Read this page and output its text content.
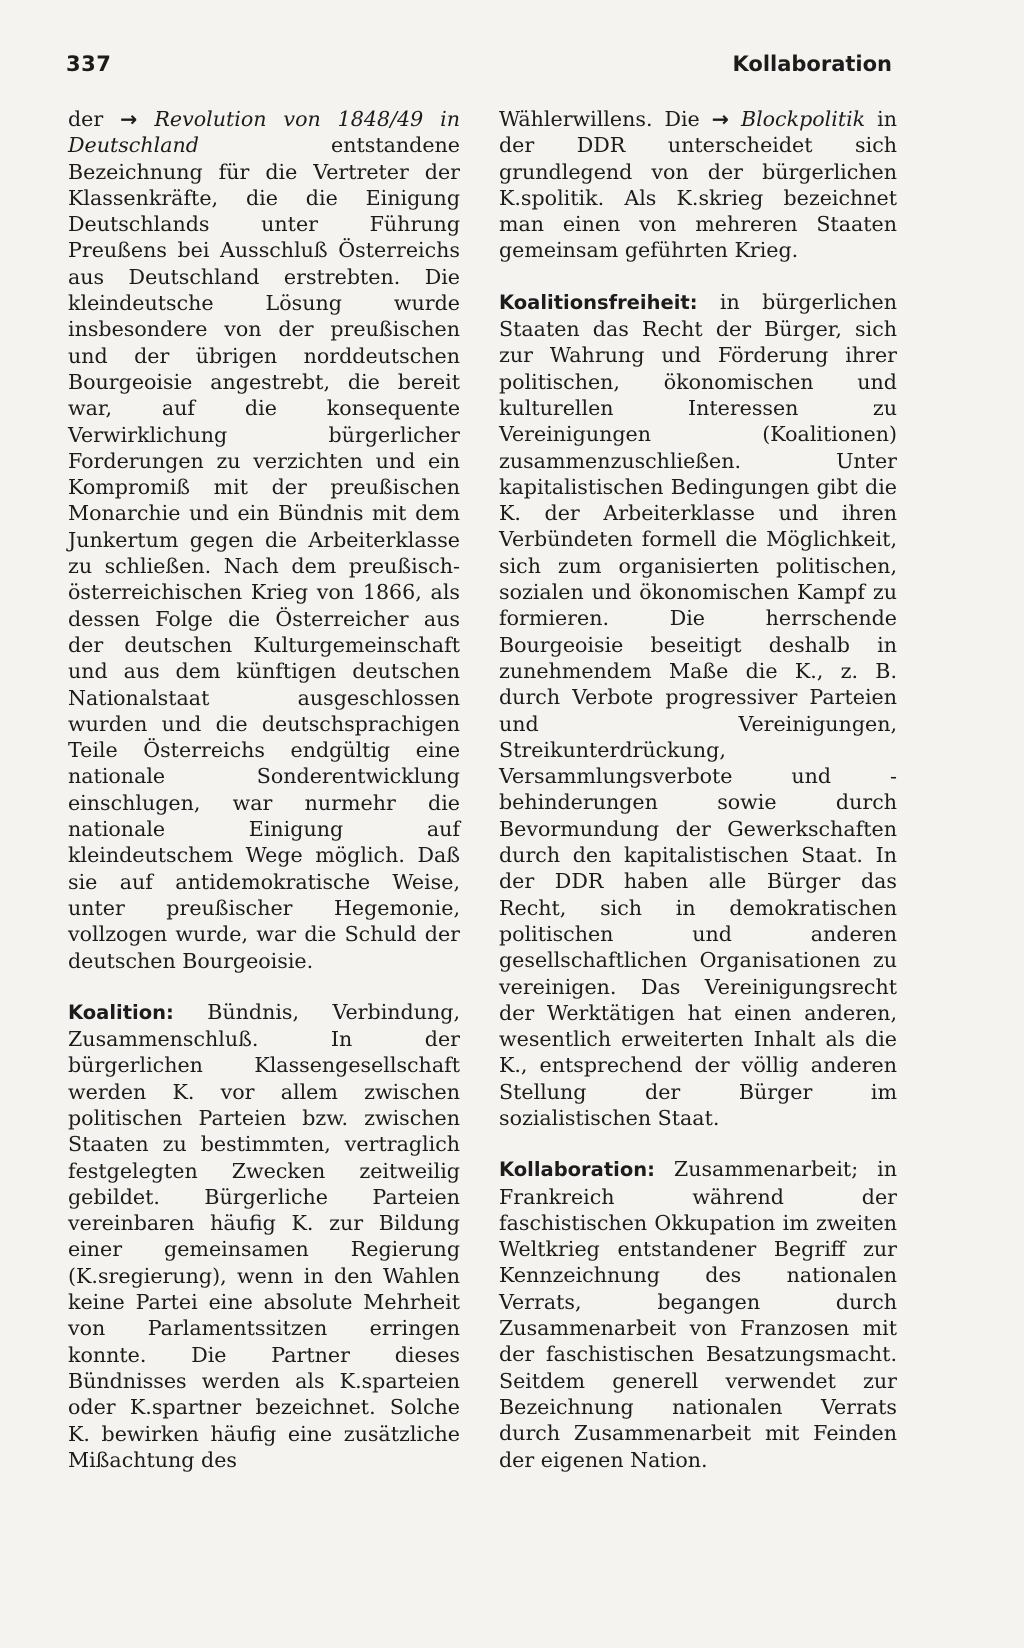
337	Kollaboration

der → Revolution von 1848/49 in Deutschland entstandene Bezeichnung für die Vertreter der Klassenkräfte, die die Einigung Deutschlands unter Führung Preußens bei Ausschluß Österreichs aus Deutschland erstrebten. Die kleindeutsche Lösung wurde insbesondere von der preußischen und der übrigen norddeutschen Bourgeoisie angestrebt, die bereit war, auf die konsequente Verwirklichung bürgerlicher Forderungen zu verzichten und ein Kompromiß mit der preußischen Monarchie und ein Bündnis mit dem Junkertum gegen die Arbeiterklasse zu schließen. Nach dem preußisch-österreichischen Krieg von 1866, als dessen Folge die Österreicher aus der deutschen Kulturgemeinschaft und aus dem künftigen deutschen Nationalstaat ausgeschlossen wurden und die deutschsprachigen Teile Österreichs endgültig eine nationale Sonderentwicklung einschlugen, war nurmehr die nationale Einigung auf kleindeutschem Wege möglich. Daß sie auf antidemokratische Weise, unter preußischer Hegemonie, vollzogen wurde, war die Schuld der deutschen Bourgeoisie.

Koalition: Bündnis, Verbindung, Zusammenschluß. In der bürgerlichen Klassengesellschaft werden K. vor allem zwischen politischen Parteien bzw. zwischen Staaten zu bestimmten, vertraglich festgelegten Zwecken zeitweilig gebildet. Bürgerliche Parteien vereinbaren häufig K. zur Bildung einer gemeinsamen Regierung (K.sregierung), wenn in den Wahlen keine Partei eine absolute Mehrheit von Parlamentssitzen erringen konnte. Die Partner dieses Bündnisses werden als K.sparteien oder K.spartner bezeichnet. Solche K. bewirken häufig eine zusätzliche Mißachtung des

Wählerwillens. Die → Blockpolitik in der DDR unterscheidet sich grundlegend von der bürgerlichen K.spolitik. Als K.skrieg bezeichnet man einen von mehreren Staaten gemeinsam geführten Krieg.

Koalitionsfreiheit: in bürgerlichen Staaten das Recht der Bürger, sich zur Wahrung und Förderung ihrer politischen, ökonomischen und kulturellen Interessen zu Vereinigungen (Koalitionen) zusammenzuschließen. Unter kapitalistischen Bedingungen gibt die K. der Arbeiterklasse und ihren Verbündeten formell die Möglichkeit, sich zum organisierten politischen, sozialen und ökonomischen Kampf zu formieren. Die herrschende Bourgeoisie beseitigt deshalb in zunehmendem Maße die K., z. B. durch Verbote progressiver Parteien und Vereinigungen, Streikunterdrückung, Versammlungsverbote und -behinderungen sowie durch Bevormundung der Gewerkschaften durch den kapitalistischen Staat. In der DDR haben alle Bürger das Recht, sich in demokratischen politischen und anderen gesellschaftlichen Organisationen zu vereinigen. Das Vereinigungsrecht der Werktätigen hat einen anderen, wesentlich erweiterten Inhalt als die K., entsprechend der völlig anderen Stellung der Bürger im sozialistischen Staat.

Kollaboration: Zusammenarbeit; in Frankreich während der faschistischen Okkupation im zweiten Weltkrieg entstandener Begriff zur Kennzeichnung des nationalen Verrats, begangen durch Zusammenarbeit von Franzosen mit der faschistischen Besatzungsmacht. Seitdem generell verwendet zur Bezeichnung nationalen Verrats durch Zusammenarbeit mit Feinden der eigenen Nation.
